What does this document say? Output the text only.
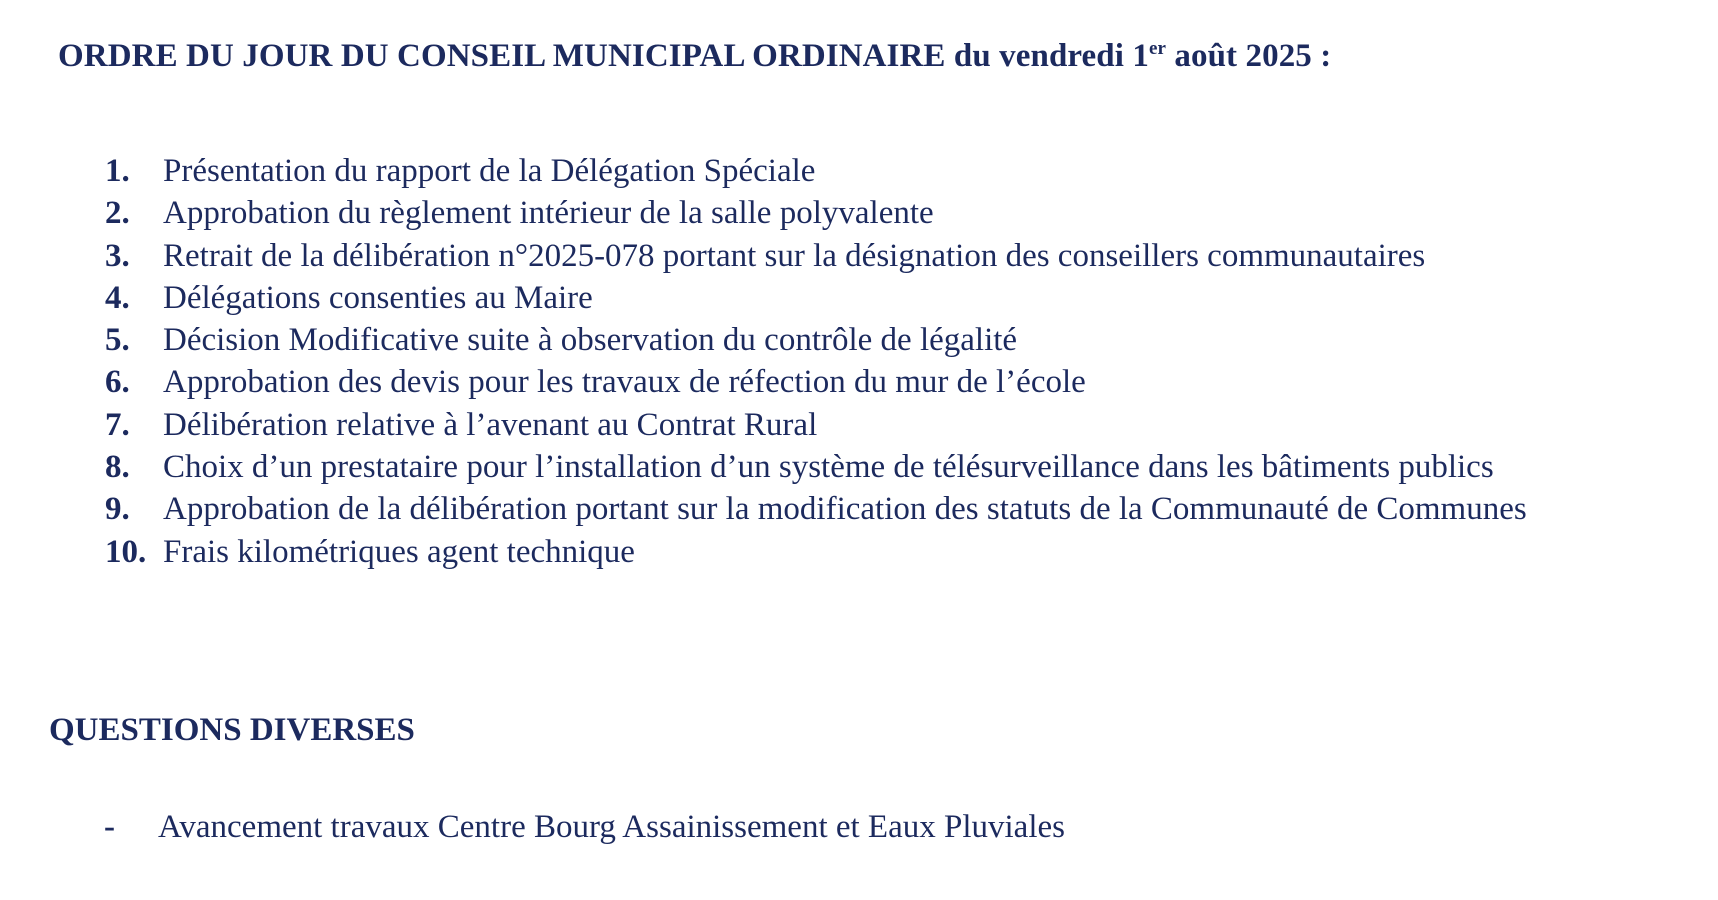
ORDRE DU JOUR DU CONSEIL MUNICIPAL ORDINAIRE du vendredi 1er août 2025 :
1. Présentation du rapport de la Délégation Spéciale
2. Approbation du règlement intérieur de la salle polyvalente
3. Retrait de la délibération n°2025-078 portant sur la désignation des conseillers communautaires
4. Délégations consenties au Maire
5. Décision Modificative suite à observation du contrôle de légalité
6. Approbation des devis pour les travaux de réfection du mur de l’école
7. Délibération relative à l’avenant au Contrat Rural
8. Choix d’un prestataire pour l’installation d’un système de télésurveillance dans les bâtiments publics
9. Approbation de la délibération portant sur la modification des statuts de la Communauté de Communes
10. Frais kilométriques agent technique
QUESTIONS DIVERSES
- Avancement travaux Centre Bourg Assainissement et Eaux Pluviales
